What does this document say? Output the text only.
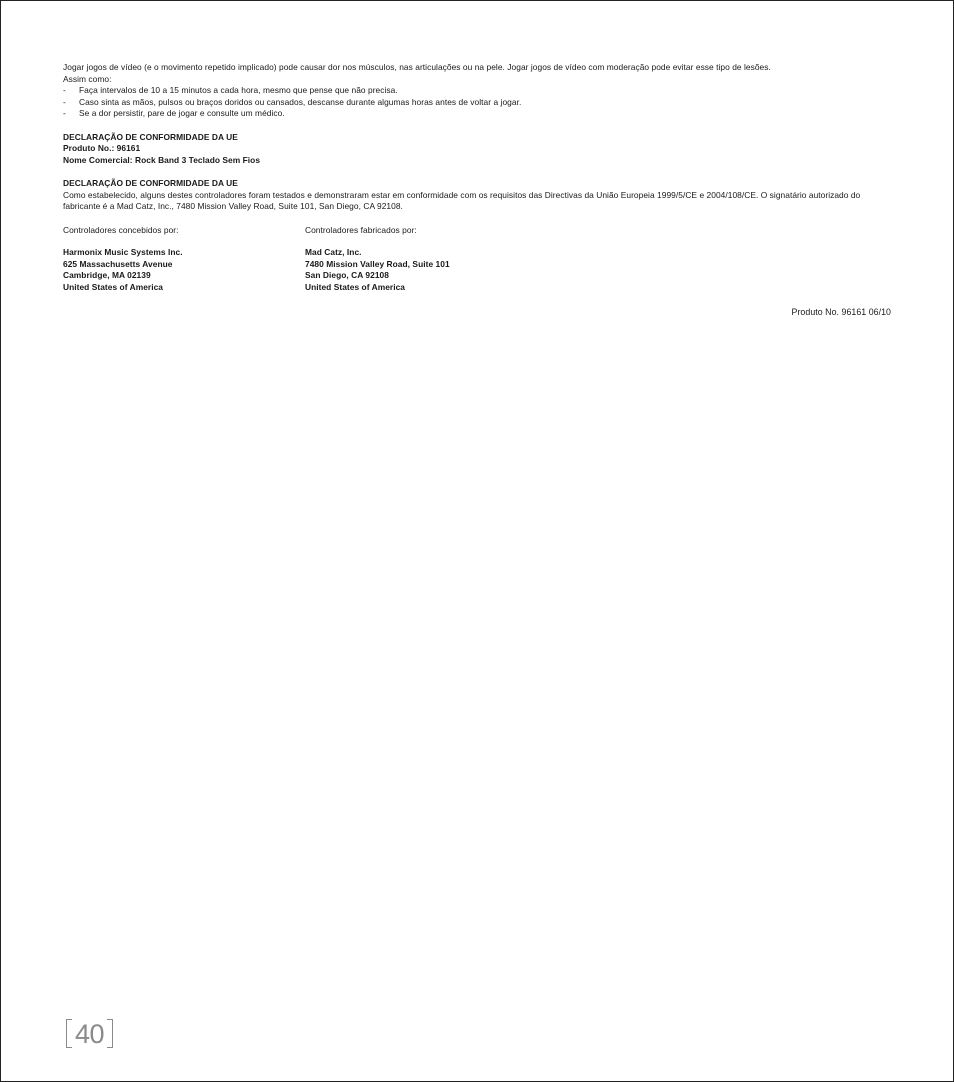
Jogar jogos de vídeo (e o movimento repetido implicado) pode causar dor nos músculos, nas articulações ou na pele. Jogar jogos de vídeo com moderação pode evitar esse tipo de lesões.

Assim como:

- Faça intervalos de 10 a 15 minutos a cada hora, mesmo que pense que não precisa.
- Caso sinta as mãos, pulsos ou braços doridos ou cansados, descanse durante algumas horas antes de voltar a jogar.
- Se a dor persistir, pare de jogar e consulte um médico.

DECLARAÇÃO DE CONFORMIDADE DA UE

Produto No.: 96161

Nome Comercial: Rock Band 3 Teclado Sem Fios

DECLARAÇÃO DE CONFORMIDADE DA UE

Como estabelecido, alguns destes controladores foram testados e demonstraram estar em conformidade com os requisitos das Directivas da União Europeia 1999/5/CE e 2004/108/CE. O signatário autorizado do fabricante é a Mad Catz, Inc., 7480 Mission Valley Road, Suite 101, San Diego, CA 92108.

Controladores concebidos por:

Harmonix Music Systems Inc.

625 Massachusetts Avenue

Cambridge, MA 02139

United States of America

Controladores fabricados por:

Mad Catz, Inc.

7480 Mission Valley Road, Suite 101

San Diego, CA 92108

United States of America

Produto No. 96161 06/10

40
